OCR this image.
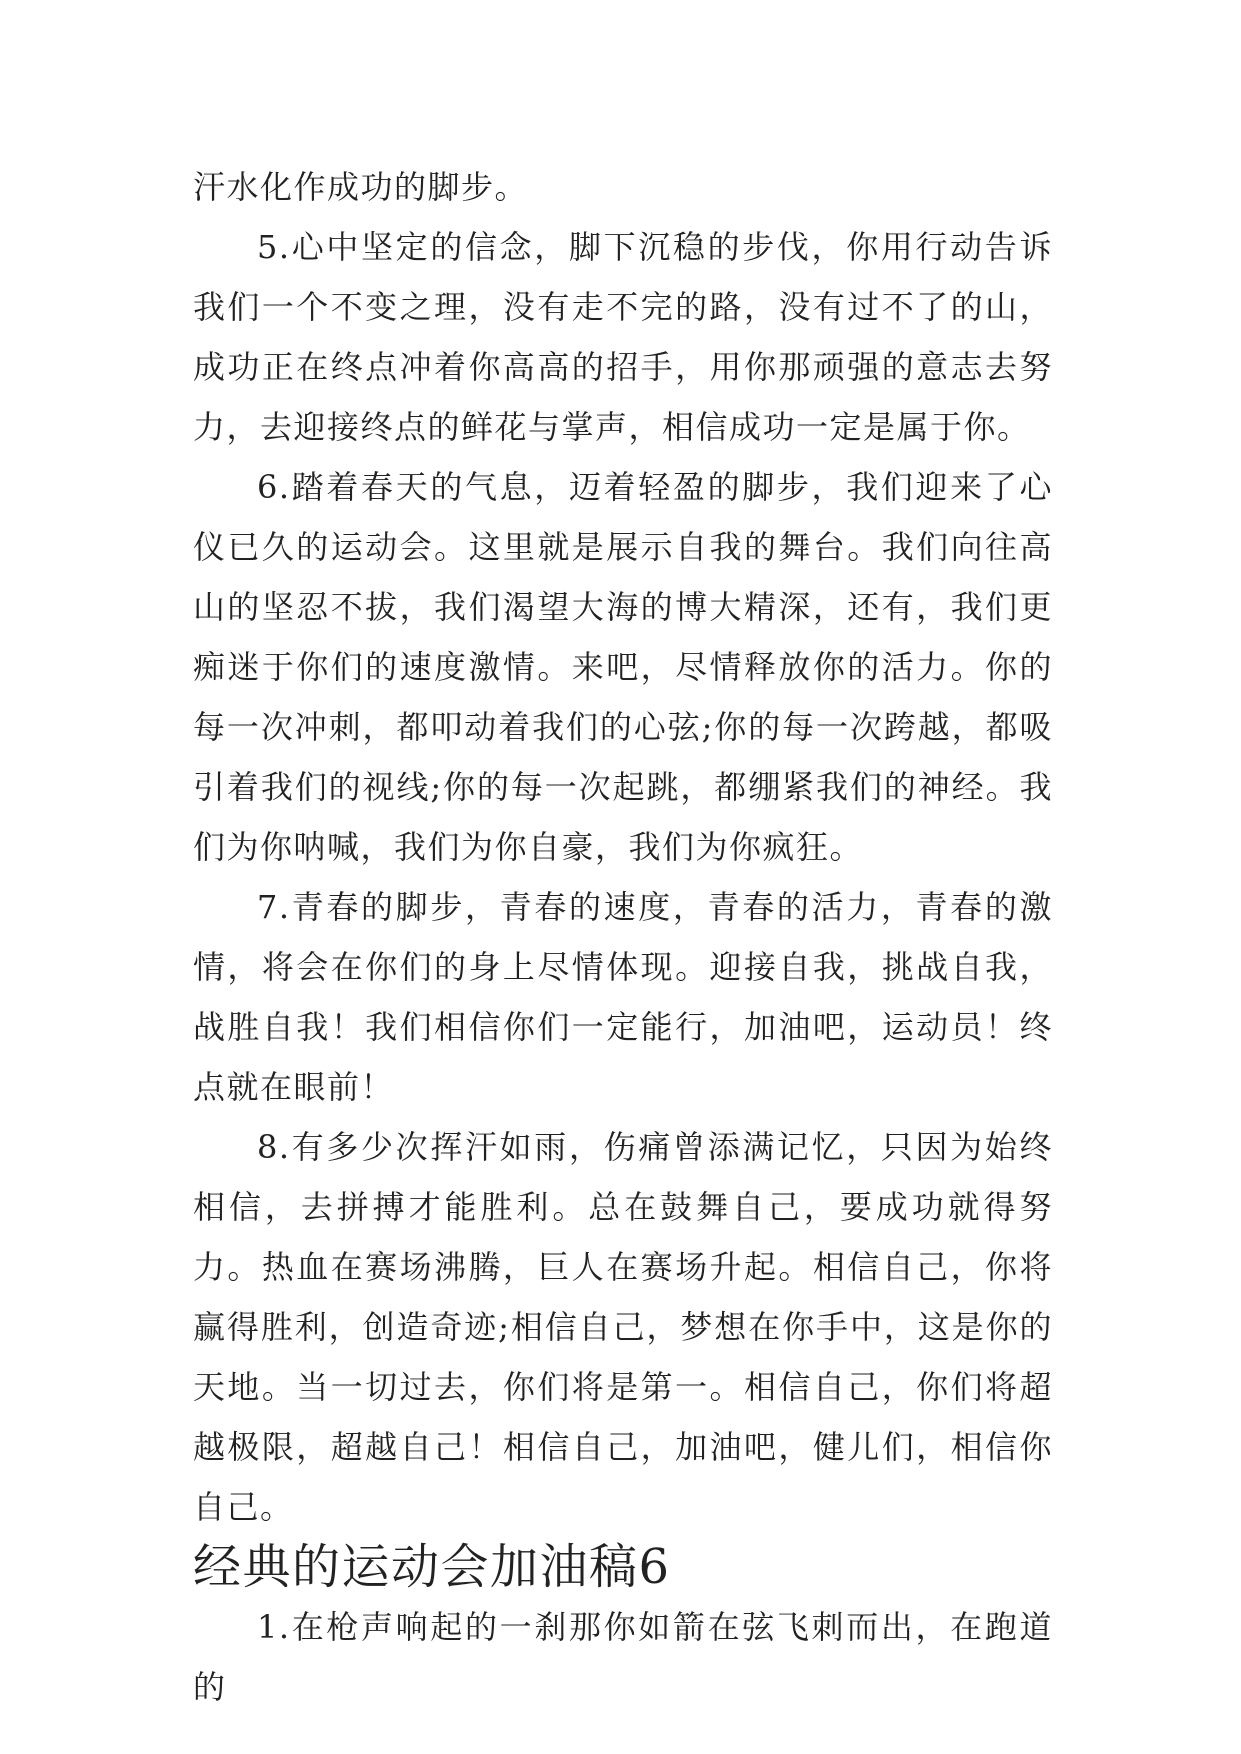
汗水化作成功的脚步。

5.心中坚定的信念，脚下沉稳的步伐，你用行动告诉我们一个不变之理，没有走不完的路，没有过不了的山，成功正在终点冲着你高高的招手，用你那顽强的意志去努力，去迎接终点的鲜花与掌声，相信成功一定是属于你。

6.踏着春天的气息，迈着轻盈的脚步，我们迎来了心仪已久的运动会。这里就是展示自我的舞台。我们向往高山的坚忍不拔，我们渴望大海的博大精深，还有，我们更痴迷于你们的速度激情。来吧，尽情释放你的活力。你的每一次冲刺，都叩动着我们的心弦;你的每一次跨越，都吸引着我们的视线;你的每一次起跳，都绷紧我们的神经。我们为你呐喊，我们为你自豪，我们为你疯狂。

7.青春的脚步，青春的速度，青春的活力，青春的激情，将会在你们的身上尽情体现。迎接自我，挑战自我，战胜自我！我们相信你们一定能行，加油吧，运动员！终点就在眼前！

8.有多少次挥汗如雨，伤痛曾添满记忆，只因为始终相信，去拼搏才能胜利。总在鼓舞自己，要成功就得努力。热血在赛场沸腾，巨人在赛场升起。相信自己，你将赢得胜利，创造奇迹;相信自己，梦想在你手中，这是你的天地。当一切过去，你们将是第一。相信自己，你们将超越极限，超越自己！相信自己，加油吧，健儿们，相信你自己。

经典的运动会加油稿6

1.在枪声响起的一刹那你如箭在弦飞刺而出，在跑道的
